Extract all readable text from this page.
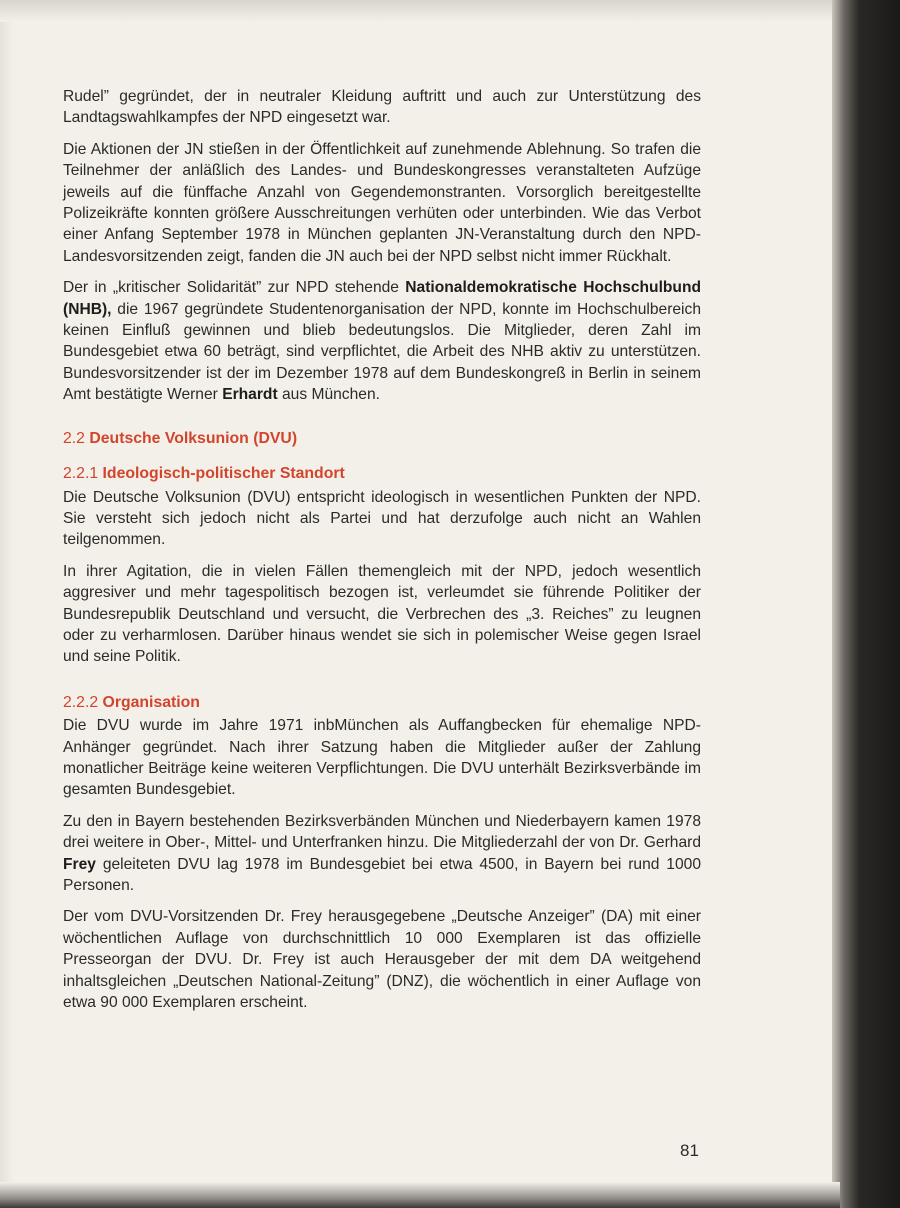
Rudel” gegründet, der in neutraler Kleidung auftritt und auch zur Unterstützung des Landtagswahlkampfes der NPD eingesetzt war.

Die Aktionen der JN stießen in der Öffentlichkeit auf zunehmende Ablehnung. So trafen die Teilnehmer der anläßlich des Landes- und Bundeskongresses veranstalteten Aufzüge jeweils auf die fünffache Anzahl von Gegendemonstranten. Vorsorglich bereitgestellte Polizeikräfte konnten größere Ausschreitungen verhüten oder unterbinden. Wie das Verbot einer Anfang September 1978 in München geplanten JN-Veranstaltung durch den NPD-Landesvorsitzenden zeigt, fanden die JN auch bei der NPD selbst nicht immer Rückhalt.

Der in „kritischer Solidarität” zur NPD stehende Nationaldemokratische Hochschulbund (NHB), die 1967 gegründete Studentenorganisation der NPD, konnte im Hochschulbereich keinen Einfluß gewinnen und blieb bedeutungslos. Die Mitglieder, deren Zahl im Bundesgebiet etwa 60 beträgt, sind verpflichtet, die Arbeit des NHB aktiv zu unterstützen. Bundesvorsitzender ist der im Dezember 1978 auf dem Bundeskongreß in Berlin in seinem Amt bestätigte Werner Erhardt aus München.

2.2 Deutsche Volksunion (DVU)
2.2.1 Ideologisch-politischer Standort

Die Deutsche Volksunion (DVU) entspricht ideologisch in wesentlichen Punkten der NPD. Sie versteht sich jedoch nicht als Partei und hat derzufolge auch nicht an Wahlen teilgenommen.

In ihrer Agitation, die in vielen Fällen themengleich mit der NPD, jedoch wesentlich aggresiver und mehr tagespolitisch bezogen ist, verleumdet sie führende Politiker der Bundesrepublik Deutschland und versucht, die Verbrechen des „3. Reiches” zu leugnen oder zu verharmlosen. Darüber hinaus wendet sie sich in polemischer Weise gegen Israel und seine Politik.

2.2.2 Organisation

Die DVU wurde im Jahre 1971 inbMünchen als Auffangbecken für ehemalige NPD-Anhänger gegründet. Nach ihrer Satzung haben die Mitglieder außer der Zahlung monatlicher Beiträge keine weiteren Verpflichtungen. Die DVU unterhält Bezirksverbände im gesamten Bundesgebiet.

Zu den in Bayern bestehenden Bezirksverbänden München und Niederbayern kamen 1978 drei weitere in Ober-, Mittel- und Unterfranken hinzu. Die Mitgliederzahl der von Dr. Gerhard Frey geleiteten DVU lag 1978 im Bundesgebiet bei etwa 4500, in Bayern bei rund 1000 Personen.

Der vom DVU-Vorsitzenden Dr. Frey herausgegebene „Deutsche Anzeiger” (DA) mit einer wöchentlichen Auflage von durchschnittlich 10 000 Exemplaren ist das offizielle Presseorgan der DVU. Dr. Frey ist auch Herausgeber der mit dem DA weitgehend inhaltsgleichen „Deutschen National-Zeitung” (DNZ), die wöchentlich in einer Auflage von etwa 90 000 Exemplaren erscheint.

81
